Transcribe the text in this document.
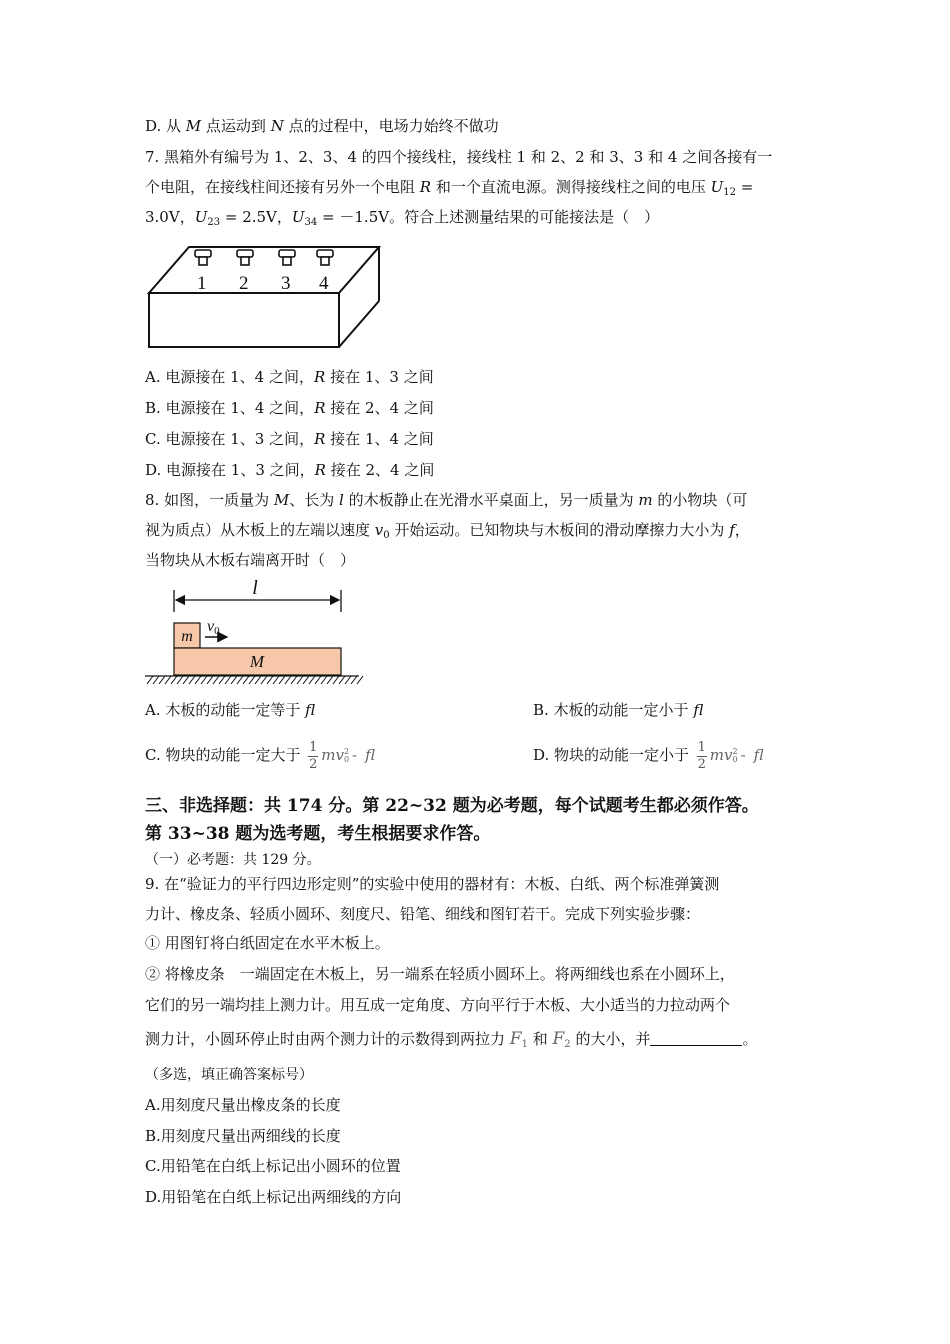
D. 从 M 点运动到 N 点的过程中，电场力始终不做功
7. 黑箱外有编号为 1、2、3、4 的四个接线柱，接线柱 1 和 2、2 和 3、3 和 4 之间各接有一
个电阻，在接线柱间还接有另外一个电阻 R 和一个直流电源。测得接线柱之间的电压 $U_{12}$ =
3.0V，$U_{23} = 2.5V$，$U_{34} = -1.5V$。符合上述测量结果的可能接法是（　）
1 2 3 4
A. 电源接在 1、4 之间，R 接在 1、3 之间
B. 电源接在 1、4 之间，R 接在 2、4 之间
C. 电源接在 1、3 之间，R 接在 1、4 之间
D. 电源接在 1、3 之间，R 接在 2、4 之间
8. 如图，一质量为 M、长为 l 的木板静止在光滑水平桌面上，另一质量为 m 的小物块（可
视为质点）从木板上的左端以速度 $v_0$ 开始运动。已知物块与木板间的滑动摩擦力大小为 f，
当物块从木板右端离开时（　）
l
m
M
v0
A. 木板的动能一定等于 fl	B. 木板的动能一定小于 fl
C. 物块的动能一定大于 $\frac{1}{2}$ mv 2
0 - fl	D. 物块的动能一定小于 $\frac{1}{2}$ mv 2
0 - fl
三、非选择题：共 174 分。第 22~32 题为必考题，每个试题考生都必须作答。
第 33~38 题为选考题，考生根据要求作答。
（一）必考题：共 129 分。
9. 在“验证力的平行四边形定则”的实验中使用的器材有：木板、白纸、两个标准弹簧测
力计、橡皮条、轻质小圆环、刻度尺、铅笔、细线和图钉若干。完成下列实验步骤：
① 用图钉将白纸固定在水平木板上。
② 将橡皮条　一端固定在木板上，另一端系在轻质小圆环上。将两细线也系在小圆环上，
它们的另一端均挂上测力计。用互成一定角度、方向平行于木板、大小适当的力拉动两个
测力计，小圆环停止时由两个测力计的示数得到两拉力 $F_1$ 和 $F_2$ 的大小，并	。
（多选，填正确答案标号）
A.用刻度尺量出橡皮条的长度
B.用刻度尺量出两细线的长度
C.用铅笔在白纸上标记出小圆环的位置
D.用铅笔在白纸上标记出两细线的方向
